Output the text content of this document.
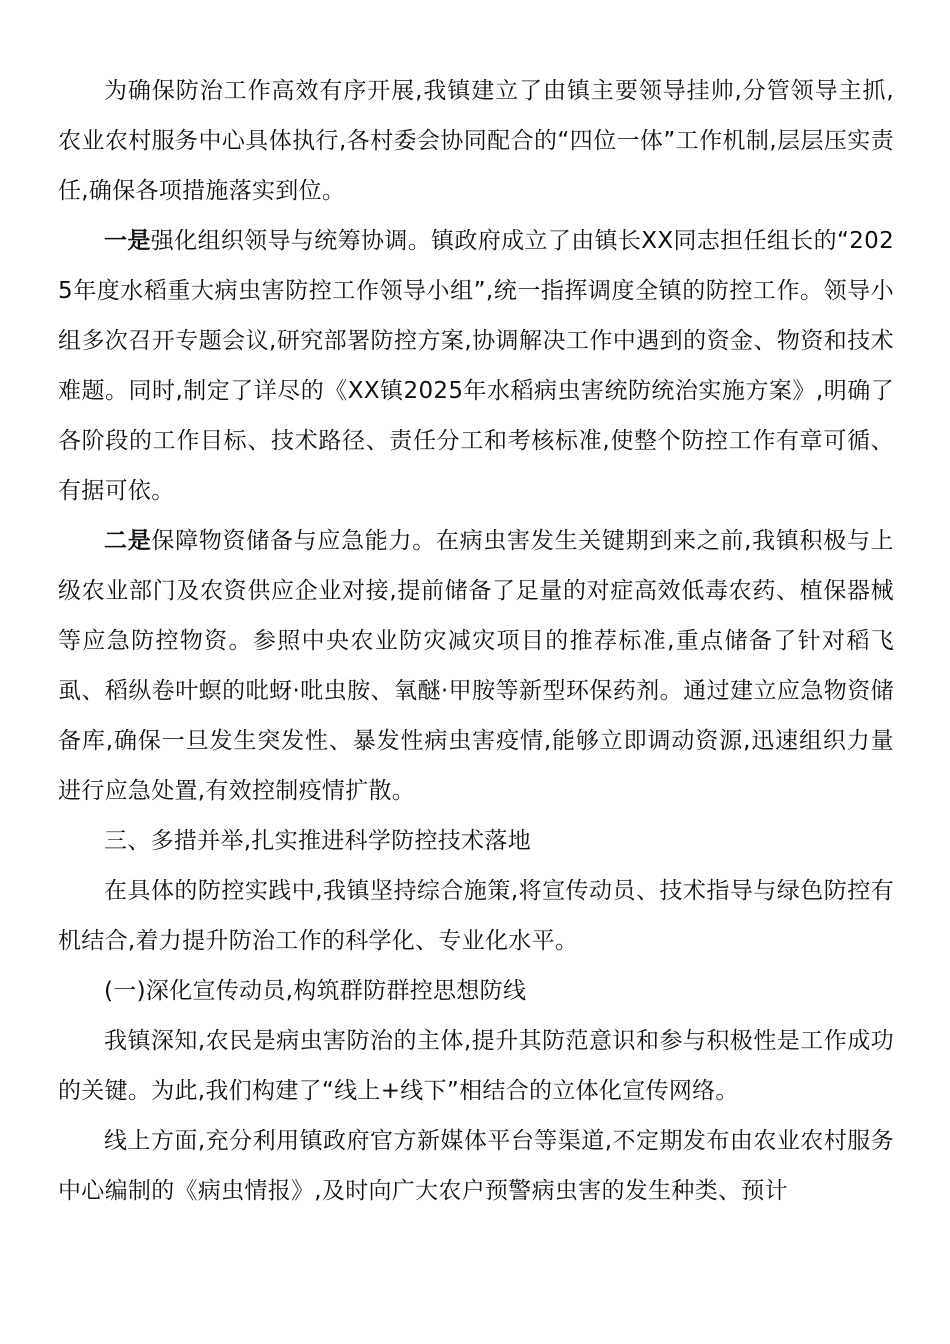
为确保防治工作高效有序开展,我镇建立了由镇主要领导挂帅,分管领导主抓,农业农村服务中心具体执行,各村委会协同配合的“四位一体”工作机制,层层压实责任,确保各项措施落实到位。

一是强化组织领导与统筹协调。镇政府成立了由镇长XX同志担任组长的“2025年度水稻重大病虫害防控工作领导小组”,统一指挥调度全镇的防控工作。领导小组多次召开专题会议,研究部署防控方案,协调解决工作中遇到的资金、物资和技术难题。同时,制定了详尽的《XX镇2025年水稻病虫害统防统治实施方案》,明确了各阶段的工作目标、技术路径、责任分工和考核标准,使整个防控工作有章可循、有据可依。

二是保障物资储备与应急能力。在病虫害发生关键期到来之前,我镇积极与上级农业部门及农资供应企业对接,提前储备了足量的对症高效低毒农药、植保器械等应急防控物资。参照中央农业防灾减灾项目的推荐标准,重点储备了针对稻飞虱、稻纵卷叶螟的吡蚜·吡虫胺、氧醚·甲胺等新型环保药剂。通过建立应急物资储备库,确保一旦发生突发性、暴发性病虫害疫情,能够立即调动资源,迅速组织力量进行应急处置,有效控制疫情扩散。

三、多措并举,扎实推进科学防控技术落地

在具体的防控实践中,我镇坚持综合施策,将宣传动员、技术指导与绿色防控有机结合,着力提升防治工作的科学化、专业化水平。

(一)深化宣传动员,构筑群防群控思想防线

我镇深知,农民是病虫害防治的主体,提升其防范意识和参与积极性是工作成功的关键。为此,我们构建了“线上+线下”相结合的立体化宣传网络。

线上方面,充分利用镇政府官方新媒体平台等渠道,不定期发布由农业农村服务中心编制的《病虫情报》,及时向广大农户预警病虫害的发生种类、预计
